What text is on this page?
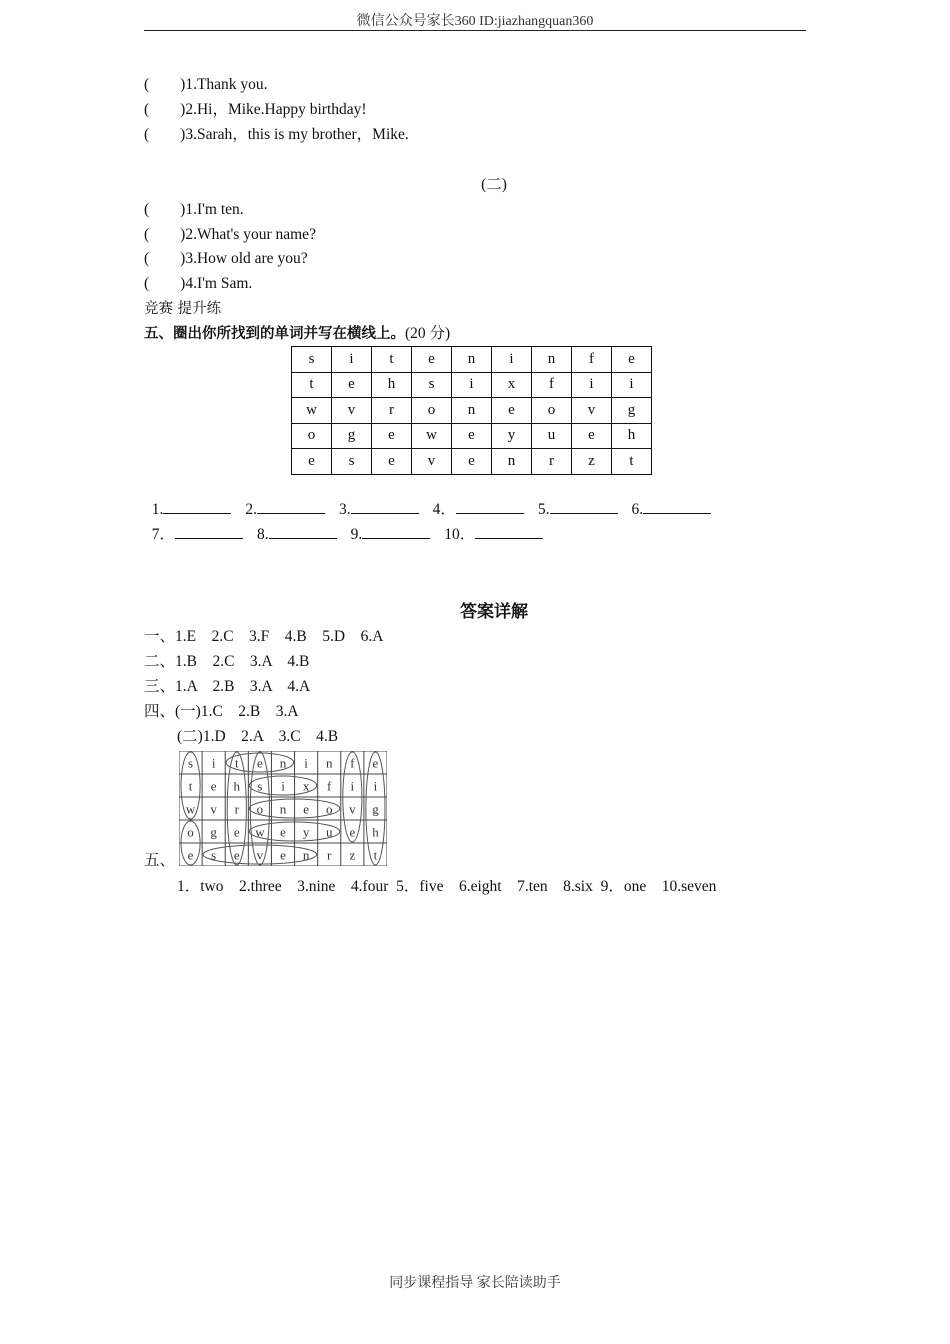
微信公众号家长360 ID:jiazhangquan360
(        )1.Thank you.
(        )2.Hi，Mike.Happy birthday!
(        )3.Sarah，this is my brother，Mike.
(二)
(        )1.I'm ten.
(        )2.What's your name?
(        )3.How old are you?
(        )4.I'm Sam.
竞赛 提升练
五、圈出你所找到的单词并写在横线上。(20 分)
s	i	t	e	n	i	n	f	e
t	e	h	s	i	x	f	i	i
w	v	r	o	n	e	o	v	g
o	g	e	w	e	y	u	e	h
e	s	e	v	e	n	r	z	t

1.	2.	3.	4．	5.	6.

7．	8.	9.	10．

答案详解
一、1.E    2.C    3.F    4.B    5.D    6.A
二、1.B    2.C    3.A    4.B
三、1.A    2.B    3.A    4.A
四、(一)1.C    2.B    3.A
(二)1.D    2.A    3.C    4.B
s i t e n i n f e
t e h s i x f i i
w v r o n e o v g
o g e w e y u e h
e s e v e n r z t
五、
1．two    2.three    3.nine    4.four  5．five    6.eight    7.ten    8.six  9．one    10.seven
同步课程指导 家长陪读助手
